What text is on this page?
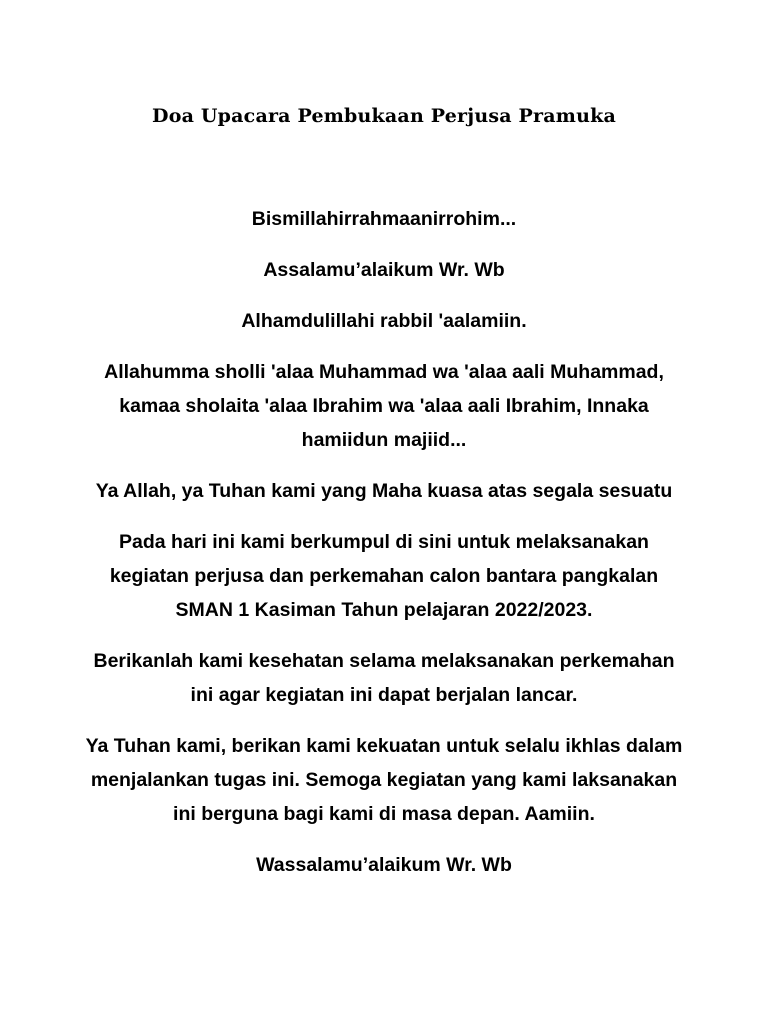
Doa Upacara Pembukaan Perjusa Pramuka

Bismillahirrahmaanirrohim...

Assalamu’alaikum Wr. Wb

Alhamdulillahi rabbil 'aalamiin.

Allahumma sholli 'alaa Muhammad wa 'alaa aali Muhammad, kamaa sholaita 'alaa Ibrahim wa 'alaa aali Ibrahim, Innaka hamiidun majiid...

Ya Allah, ya Tuhan kami yang Maha kuasa atas segala sesuatu

Pada hari ini kami berkumpul di sini untuk melaksanakan kegiatan perjusa dan perkemahan calon bantara pangkalan SMAN 1 Kasiman Tahun pelajaran 2022/2023.

Berikanlah kami kesehatan selama melaksanakan perkemahan ini agar kegiatan ini dapat berjalan lancar.

Ya Tuhan kami, berikan kami kekuatan untuk selalu ikhlas dalam menjalankan tugas ini. Semoga kegiatan yang kami laksanakan ini berguna bagi kami di masa depan. Aamiin.

Wassalamu’alaikum Wr. Wb
